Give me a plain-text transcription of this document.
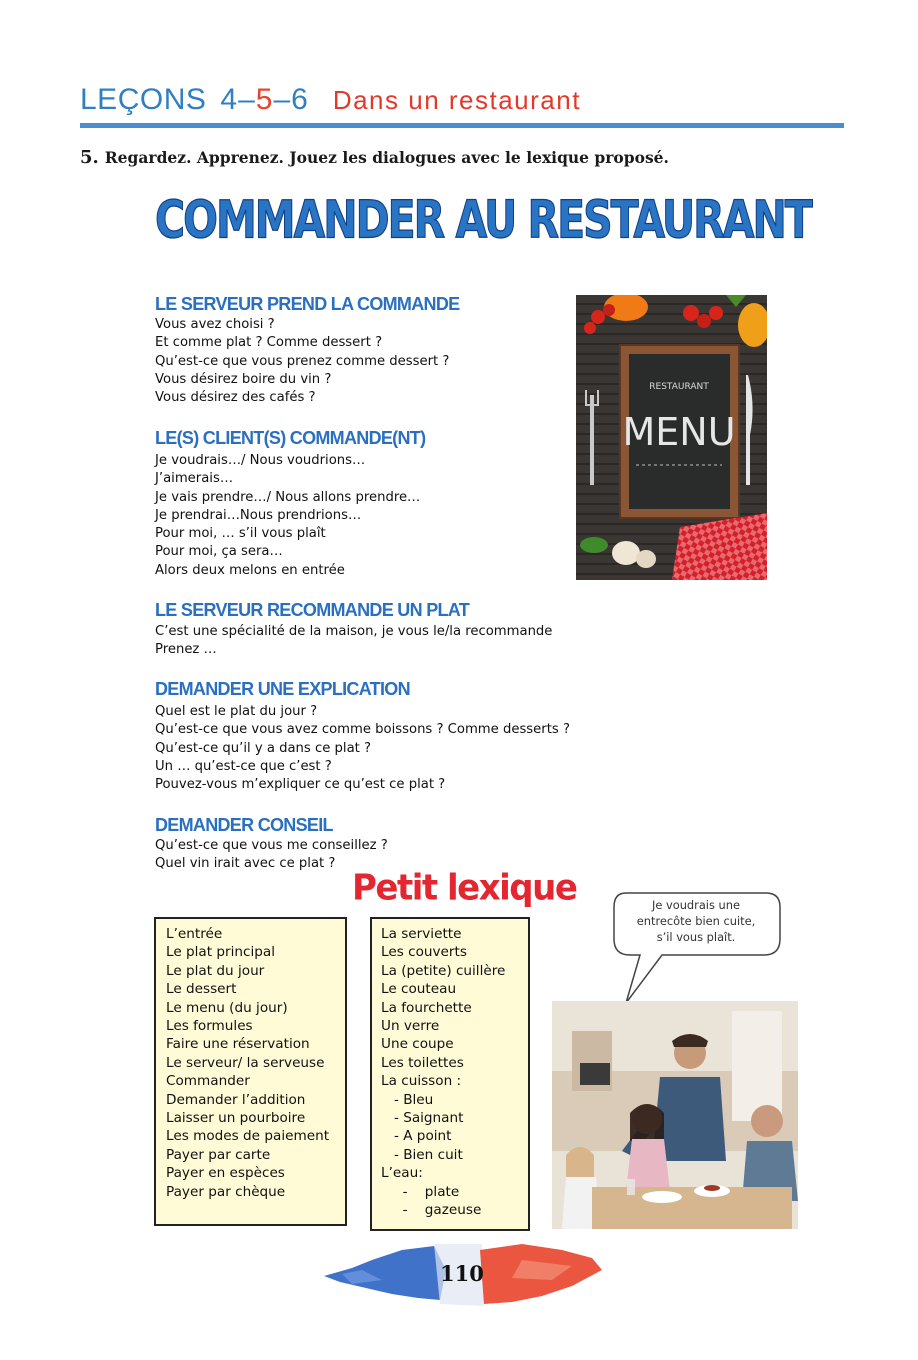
LEÇONS 4–5–6 Dans un restaurant
5. Regardez. Apprenez. Jouez les dialogues avec le lexique proposé.
COMMANDER AU RESTAURANT
LE SERVEUR PREND LA COMMANDE
Vous avez choisi ?
Et comme plat ? Comme dessert ?
Qu’est-ce que vous prenez comme dessert ?
Vous désirez boire du vin ?
Vous désirez des cafés ?
LE(S) CLIENT(S) COMMANDE(NT)
Je voudrais…/ Nous voudrions…
J’aimerais…
Je vais prendre…/ Nous allons prendre…
Je prendrai…Nous prendrions…
Pour moi, … s’il vous plaît
Pour moi, ça sera…
Alors deux melons en entrée
LE SERVEUR RECOMMANDE UN PLAT
C’est une spécialité de la maison, je vous le/la recommande
Prenez …
DEMANDER UNE EXPLICATION
Quel est le plat du jour ?
Qu’est-ce que vous avez comme boissons ? Comme desserts ?
Qu’est-ce qu’il y a dans ce plat ?
Un … qu’est-ce que c’est ?
Pouvez-vous m’expliquer ce qu’est ce plat ?
DEMANDER CONSEIL
Qu’est-ce que vous me conseillez ?
Quel vin irait avec ce plat ?
RESTAURANT
MENU
Petit lexique
L’entrée
Le plat principal
Le plat du jour
Le dessert
Le menu (du jour)
Les formules
Faire une réservation
Le serveur/ la serveuse
Commander
Demander l’addition
Laisser un pourboire
Les modes de paiement
Payer par carte
Payer en espèces
Payer par chèque
La serviette
Les couverts
La (petite) cuillère
Le couteau
La fourchette
Un verre
Une coupe
Les toilettes
La cuisson :
- Bleu
- Saignant
- A point
- Bien cuit
L’eau:
-    plate
-    gazeuse
Je voudrais une
entrecôte bien cuite,
s’il vous plaît.
110
